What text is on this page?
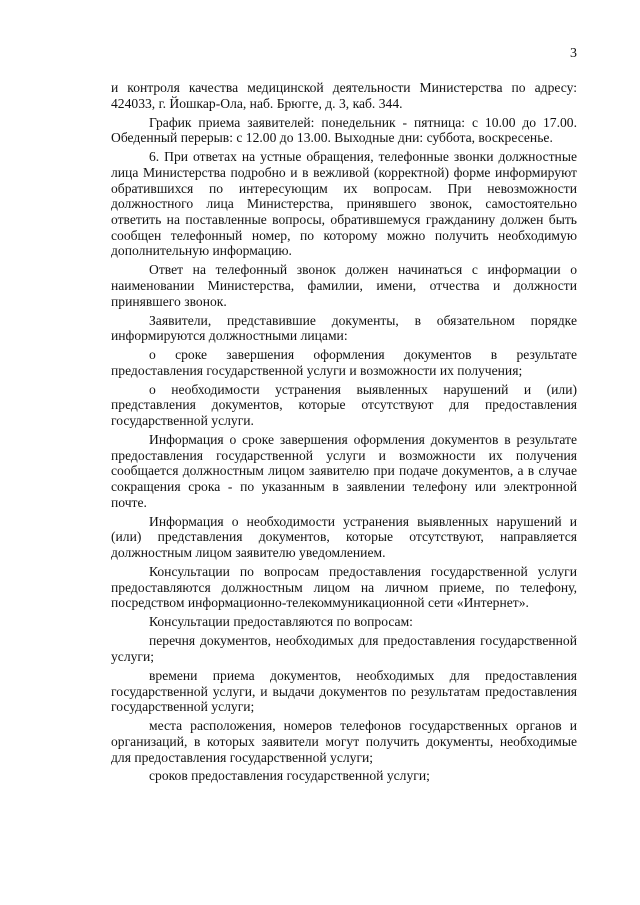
3

и контроля качества медицинской деятельности Министерства по адресу: 424033, г. Йошкар-Ола, наб. Брюгге, д. 3, каб. 344.

График приема заявителей: понедельник - пятница: с 10.00 до 17.00. Обеденный перерыв: с 12.00 до 13.00. Выходные дни: суббота, воскресенье.

6. При ответах на устные обращения, телефонные звонки должностные лица Министерства подробно и в вежливой (корректной) форме информируют обратившихся по интересующим их вопросам. При невозможности должностного лица Министерства, принявшего звонок, самостоятельно ответить на поставленные вопросы, обратившемуся гражданину должен быть сообщен телефонный номер, по которому можно получить необходимую дополнительную информацию.

Ответ на телефонный звонок должен начинаться с информации о наименовании Министерства, фамилии, имени, отчества и должности принявшего звонок.

Заявители, представившие документы, в обязательном порядке информируются должностными лицами:

о сроке завершения оформления документов в результате предоставления государственной услуги и возможности их получения;

о необходимости устранения выявленных нарушений и (или) представления документов, которые отсутствуют для предоставления государственной услуги.

Информация о сроке завершения оформления документов в результате предоставления государственной услуги и возможности их получения сообщается должностным лицом заявителю при подаче документов, а в случае сокращения срока - по указанным в заявлении телефону или электронной почте.

Информация о необходимости устранения выявленных нарушений и (или) представления документов, которые отсутствуют, направляется должностным лицом заявителю уведомлением.

Консультации по вопросам предоставления государственной услуги предоставляются должностным лицом на личном приеме, по телефону, посредством информационно-телекоммуникационной сети «Интернет».

Консультации предоставляются по вопросам:

перечня документов, необходимых для предоставления государственной услуги;

времени приема документов, необходимых для предоставления государственной услуги, и выдачи документов по результатам предоставления государственной услуги;

места расположения, номеров телефонов государственных органов и организаций, в которых заявители могут получить документы, необходимые для предоставления государственной услуги;

сроков предоставления государственной услуги;
